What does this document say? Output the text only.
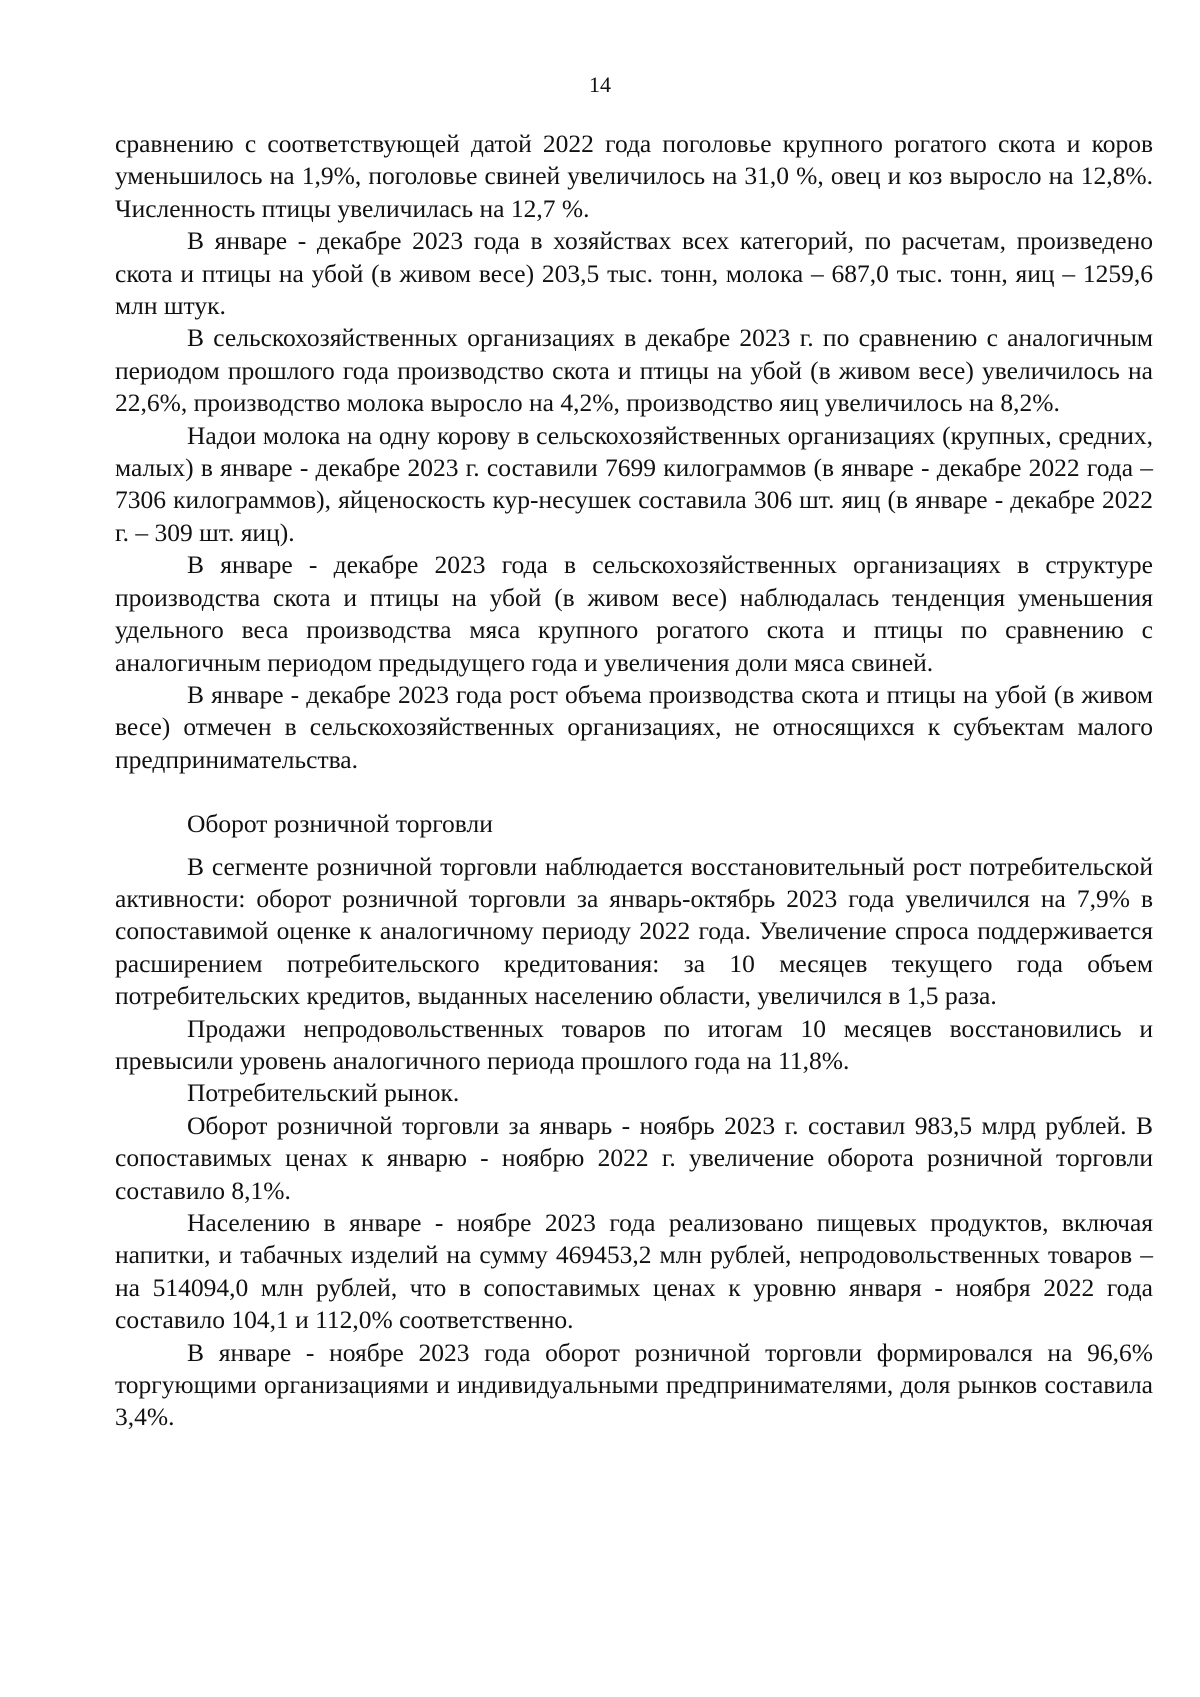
14

сравнению с соответствующей датой 2022 года поголовье крупного рогатого скота и коров уменьшилось на 1,9%, поголовье свиней увеличилось на 31,0 %, овец и коз выросло на 12,8%. Численность птицы увеличилась на 12,7 %.

В январе - декабре 2023 года в хозяйствах всех категорий, по расчетам, произведено скота и птицы на убой (в живом весе) 203,5 тыс. тонн, молока – 687,0 тыс. тонн, яиц – 1259,6 млн штук.

В сельскохозяйственных организациях в декабре 2023 г. по сравнению с аналогичным периодом прошлого года производство скота и птицы на убой (в живом весе) увеличилось на 22,6%, производство молока выросло на 4,2%, производство яиц увеличилось на 8,2%.

Надои молока на одну корову в сельскохозяйственных организациях (крупных, средних, малых) в январе - декабре 2023 г. составили 7699 килограммов (в январе - декабре 2022 года – 7306 килограммов), яйценоскость кур-несушек составила 306 шт. яиц (в январе - декабре 2022 г. – 309 шт. яиц).

В январе - декабре 2023 года в сельскохозяйственных организациях в структуре производства скота и птицы на убой (в живом весе) наблюдалась тенденция уменьшения удельного веса производства мяса крупного рогатого скота и птицы по сравнению с аналогичным периодом предыдущего года и увеличения доли мяса свиней.

В январе - декабре 2023 года рост объема производства скота и птицы на убой (в живом весе) отмечен в сельскохозяйственных организациях, не относящихся к субъектам малого предпринимательства.

Оборот розничной торговли

В сегменте розничной торговли наблюдается восстановительный рост потребительской активности: оборот розничной торговли за январь-октябрь 2023 года увеличился на 7,9% в сопоставимой оценке к аналогичному периоду 2022 года. Увеличение спроса поддерживается расширением потребительского кредитования: за 10 месяцев текущего года объем потребительских кредитов, выданных населению области, увеличился в 1,5 раза.

Продажи непродовольственных товаров по итогам 10 месяцев восстановились и превысили уровень аналогичного периода прошлого года на 11,8%.

Потребительский рынок.

Оборот розничной торговли за январь - ноябрь 2023 г. составил 983,5 млрд рублей. В сопоставимых ценах к январю - ноябрю 2022 г. увеличение оборота розничной торговли составило 8,1%.

Населению в январе - ноябре 2023 года реализовано пищевых продуктов, включая напитки, и табачных изделий на сумму 469453,2 млн рублей, непродовольственных товаров – на 514094,0 млн рублей, что в сопоставимых ценах к уровню января - ноября 2022 года составило 104,1 и 112,0% соответственно.

В январе - ноябре 2023 года оборот розничной торговли формировался на 96,6% торгующими организациями и индивидуальными предпринимателями, доля рынков составила 3,4%.
